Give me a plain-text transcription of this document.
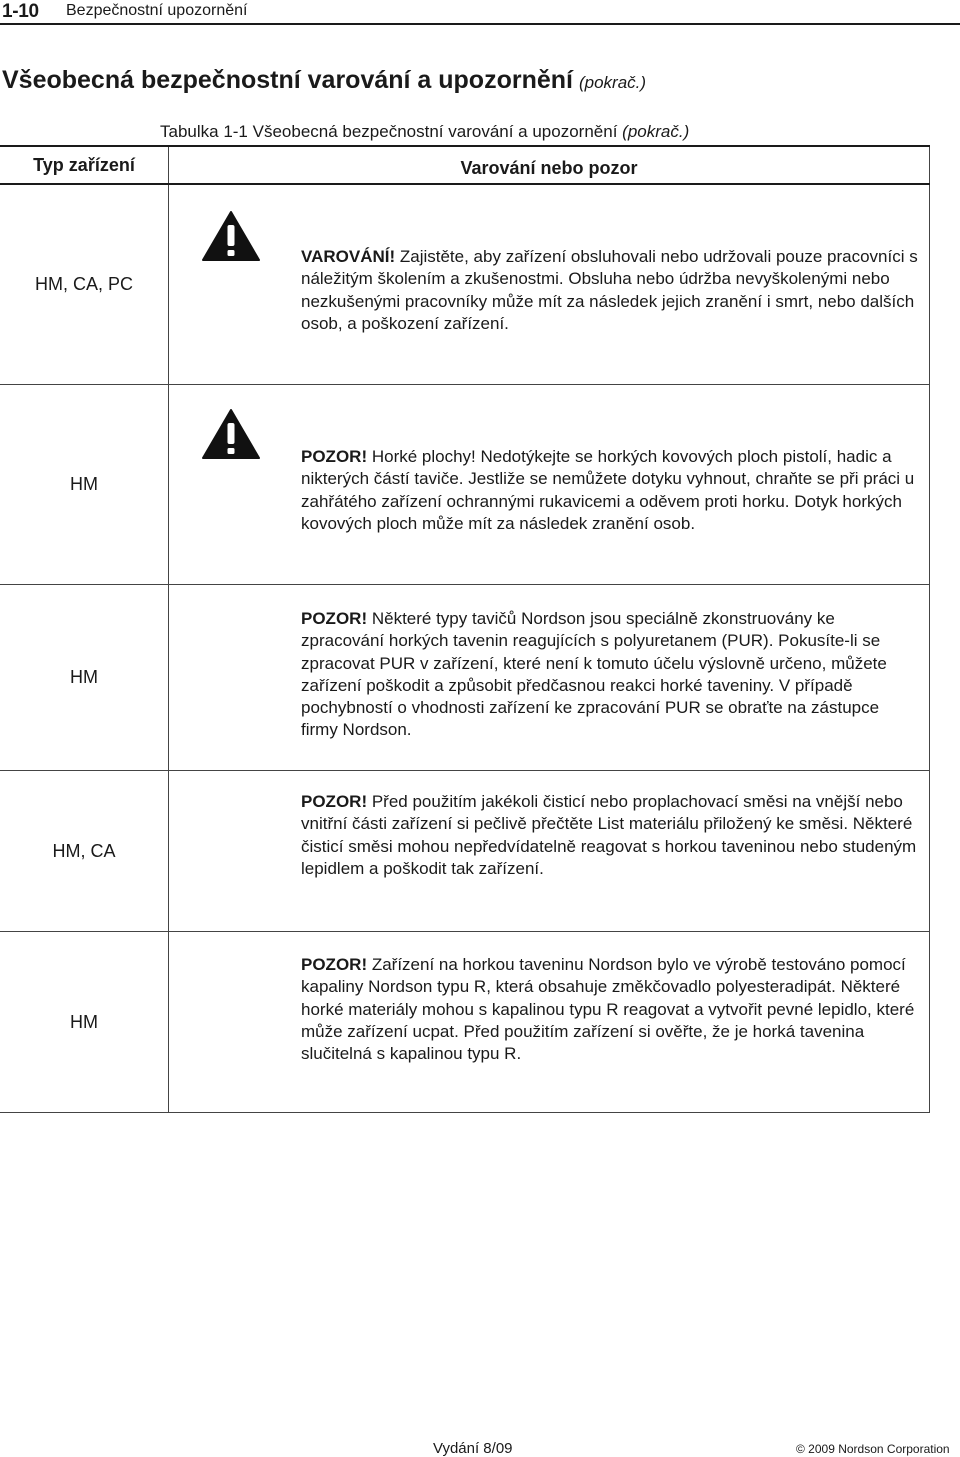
1-10 Bezpečnostní upozornění
Všeobecná bezpečnostní varování a upozornění (pokrač.)
Tabulka 1-1 Všeobecná bezpečnostní varování a upozornění (pokrač.)
Typ zařízení	Varování nebo pozor
HM, CA, PC
VAROVÁNÍ! Zajistěte, aby zařízení obsluhovali nebo udržovali pouze pracovníci s náležitým školením a zkušenostmi. Obsluha nebo údržba nevyškolenými nebo nezkušenými pracovníky může mít za následek jejich zranění i smrt, nebo dalších osob, a poškození zařízení.
HM
POZOR! Horké plochy! Nedotýkejte se horkých kovových ploch pistolí, hadic a nikterých částí taviče. Jestliže se nemůžete dotyku vyhnout, chraňte se při práci u zahřátého zařízení ochrannými rukavicemi a oděvem proti horku. Dotyk horkých kovových ploch může mít za následek zranění osob.
HM
POZOR! Některé typy tavičů Nordson jsou speciálně zkonstruovány ke zpracování horkých tavenin reagujících s polyuretanem (PUR). Pokusíte-li se zpracovat PUR v zařízení, které není k tomuto účelu výslovně určeno, můžete zařízení poškodit a způsobit předčasnou reakci horké taveniny. V případě pochybností o vhodnosti zařízení ke zpracování PUR se obraťte na zástupce firmy Nordson.
HM, CA
POZOR! Před použitím jakékoli čisticí nebo proplachovací směsi na vnější nebo vnitřní části zařízení si pečlivě přečtěte List materiálu přiložený ke směsi. Některé čisticí směsi mohou nepředvídatelně reagovat s horkou taveninou nebo studeným lepidlem a poškodit tak zařízení.
HM
POZOR! Zařízení na horkou taveninu Nordson bylo ve výrobě testováno pomocí kapaliny Nordson typu R, která obsahuje změkčovadlo polyesteradipát. Některé horké materiály mohou s kapalinou typu R reagovat a vytvořit pevné lepidlo, které může zařízení ucpat. Před použitím zařízení si ověřte, že je horká tavenina slučitelná s kapalinou typu R.
Vydání 8/09	© 2009 Nordson Corporation
